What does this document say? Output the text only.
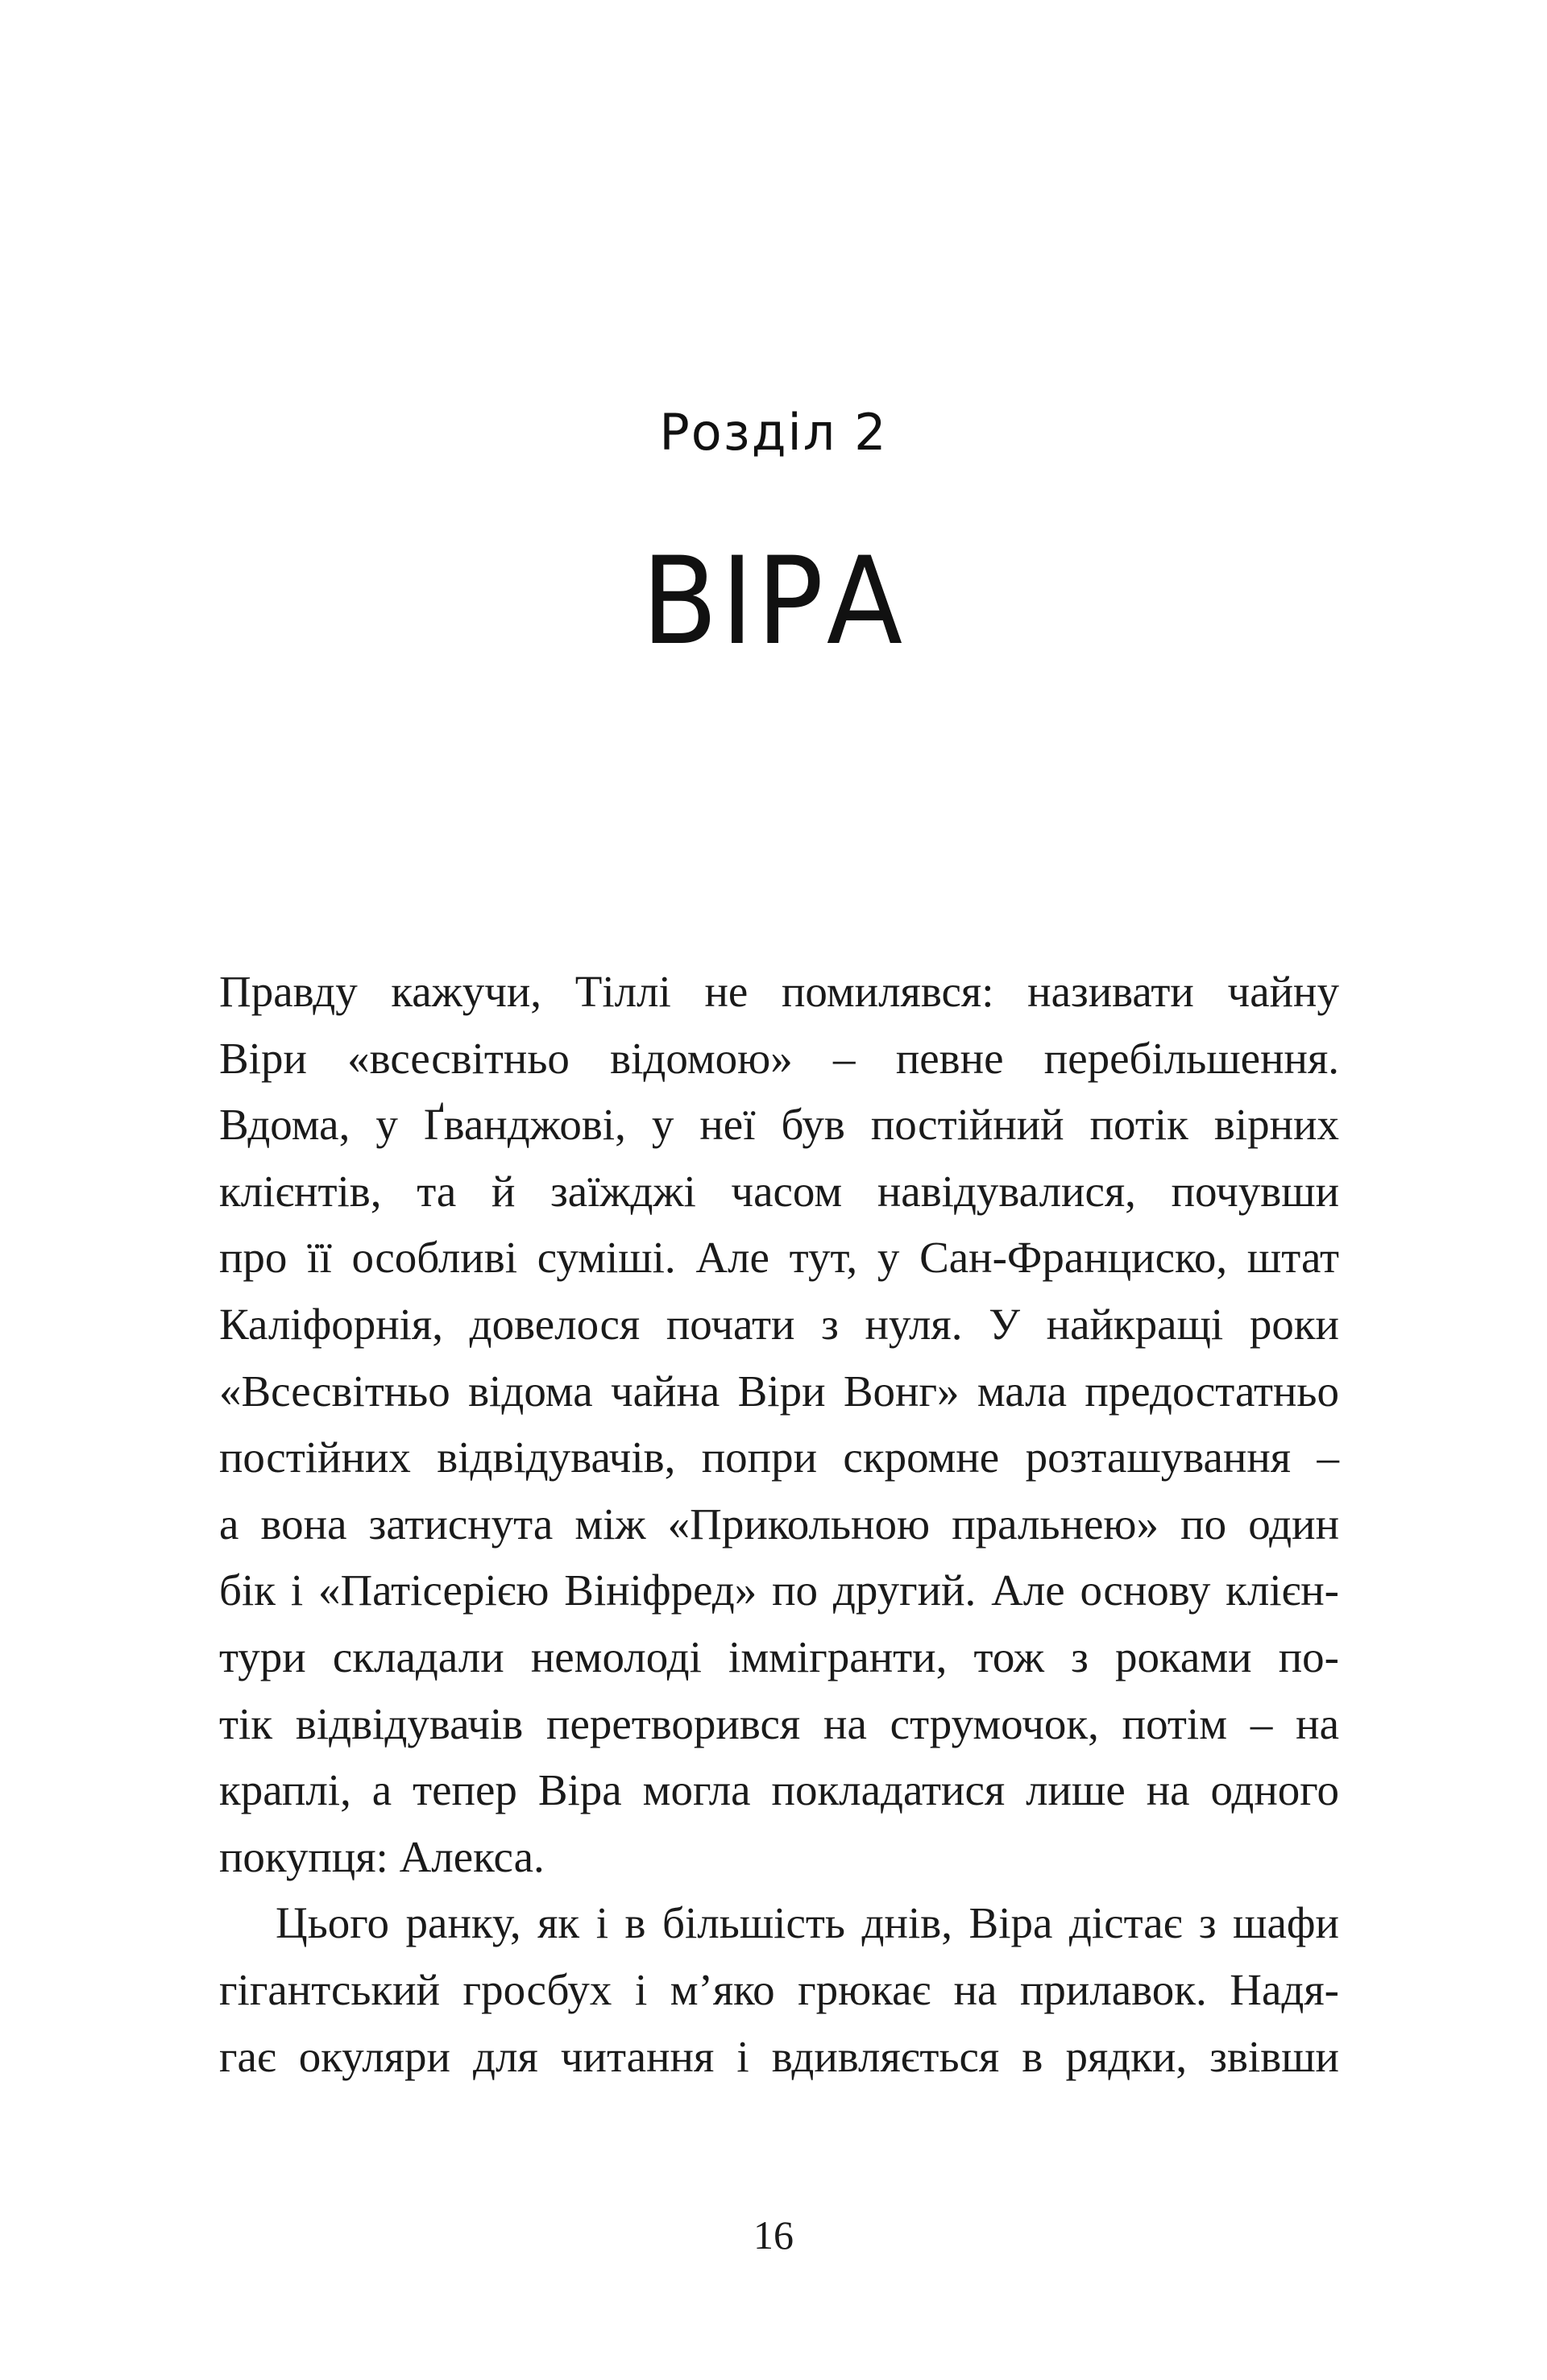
Розділ 2
ВІРА
Правду кажучи, Тіллі не помилявся: називати чайну
Віри «всесвітньо відомою» – певне перебільшення.
Вдома, у Ґванджові, у неї був постійний потік вірних
клієнтів, та й заїжджі часом навідувалися, почувши
про її особливі суміші. Але тут, у Сан-Франциско, штат
Каліфорнія, довелося почати з нуля. У найкращі роки
«Всесвітньо відома чайна Віри Вонг» мала предостатньо
постійних відвідувачів, попри скромне розташування –
а вона затиснута між «Прикольною пральнею» по один
бік і «Патісерією Вініфред» по другий. Але основу клієн-
тури складали немолоді іммігранти, тож з роками по-
тік відвідувачів перетворився на струмочок, потім – на
краплі, а тепер Віра могла покладатися лише на одного
покупця: Алекса.
Цього ранку, як і в більшість днів, Віра дістає з шафи
гігантський гросбух і м’яко грюкає на прилавок. Надя-
гає окуляри для читання і вдивляється в рядки, звівши
16
